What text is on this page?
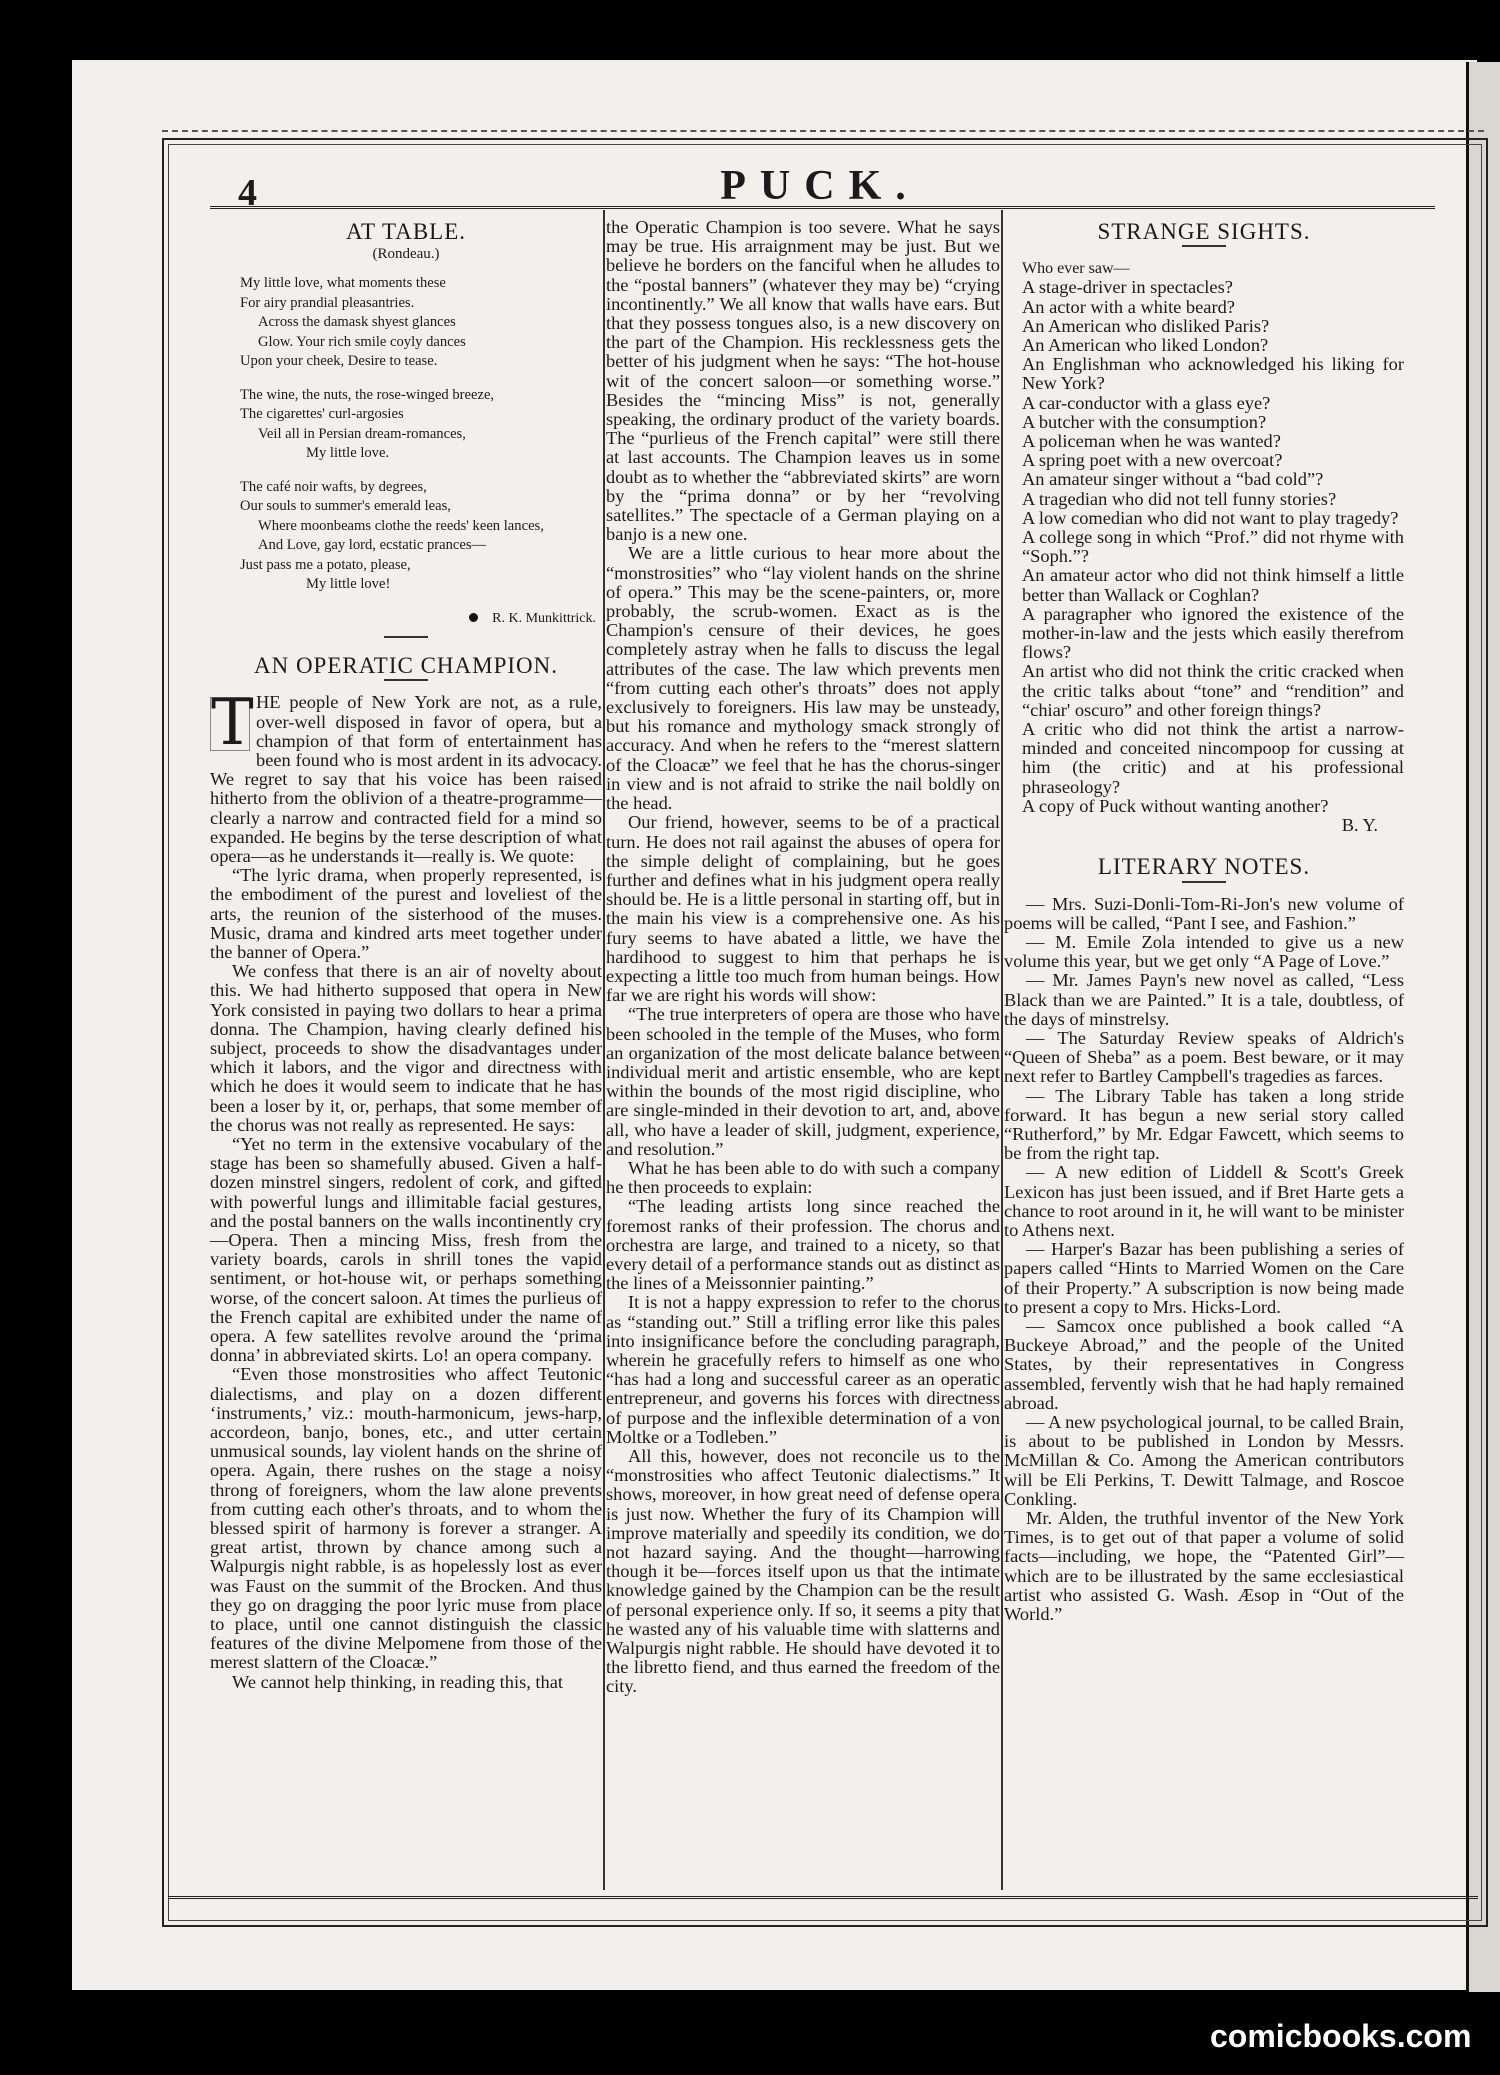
4	PUCK.
AT TABLE.
(Rondeau.)
My little love, what moments these
For airy prandial pleasantries.
Across the damask shyest glances
Glow. Your rich smile coyly dances
Upon your cheek, Desire to tease.
The wine, the nuts, the rose-winged breeze,
The cigarettes' curl-argosies
Veil all in Persian dream-romances,
My little love.
The café noir wafts, by degrees,
Our souls to summer's emerald leas,
Where moonbeams clothe the reeds' keen lances,
And Love, gay lord, ecstatic prances—
Just pass me a potato, please,
My little love!
R. K. Munkittrick.
AN OPERATIC CHAMPION.
T HE people of New York are not, as a rule, over-well disposed in favor of opera, but a champion of that form of entertainment has been found who is most ardent in its advocacy. We regret to say that his voice has been raised hitherto from the oblivion of a theatre-programme—clearly a narrow and contracted field for a mind so expanded. He begins by the terse description of what opera—as he understands it—really is. We quote:

“The lyric drama, when properly represented, is the embodiment of the purest and loveliest of the arts, the reunion of the sisterhood of the muses. Music, drama and kindred arts meet together under the banner of Opera.”

We confess that there is an air of novelty about this. We had hitherto supposed that opera in New York consisted in paying two dollars to hear a prima donna. The Champion, having clearly defined his subject, proceeds to show the disadvantages under which it labors, and the vigor and directness with which he does it would seem to indicate that he has been a loser by it, or, perhaps, that some member of the chorus was not really as represented. He says:

“Yet no term in the extensive vocabulary of the stage has been so shamefully abused. Given a half-dozen minstrel singers, redolent of cork, and gifted with powerful lungs and illimitable facial gestures, and the postal banners on the walls incontinently cry—Opera. Then a mincing Miss, fresh from the variety boards, carols in shrill tones the vapid sentiment, or hot-house wit, or perhaps something worse, of the concert saloon. At times the purlieus of the French capital are exhibited under the name of opera. A few satellites revolve around the ‘prima donna’ in abbreviated skirts. Lo! an opera company.

“Even those monstrosities who affect Teutonic dialectisms, and play on a dozen different ‘instruments,’ viz.: mouth-harmonicum, jews-harp, accordeon, banjo, bones, etc., and utter certain unmusical sounds, lay violent hands on the shrine of opera. Again, there rushes on the stage a noisy throng of foreigners, whom the law alone prevents from cutting each other's throats, and to whom the blessed spirit of harmony is forever a stranger. A great artist, thrown by chance among such a Walpurgis night rabble, is as hopelessly lost as ever was Faust on the summit of the Brocken. And thus they go on dragging the poor lyric muse from place to place, until one cannot distinguish the classic features of the divine Melpomene from those of the merest slattern of the Cloacæ.”

We cannot help thinking, in reading this, that

the Operatic Champion is too severe. What he says may be true. His arraignment may be just. But we believe he borders on the fanciful when he alludes to the “postal banners” (whatever they may be) “crying incontinently.” We all know that walls have ears. But that they possess tongues also, is a new discovery on the part of the Champion. His recklessness gets the better of his judgment when he says: “The hot-house wit of the concert saloon—or something worse.” Besides the “mincing Miss” is not, generally speaking, the ordinary product of the variety boards. The “purlieus of the French capital” were still there at last accounts. The Champion leaves us in some doubt as to whether the “abbreviated skirts” are worn by the “prima donna” or by her “revolving satellites.” The spectacle of a German playing on a banjo is a new one.

We are a little curious to hear more about the “monstrosities” who “lay violent hands on the shrine of opera.” This may be the scene-painters, or, more probably, the scrub-women. Exact as is the Champion's censure of their devices, he goes completely astray when he falls to discuss the legal attributes of the case. The law which prevents men “from cutting each other's throats” does not apply exclusively to foreigners. His law may be unsteady, but his romance and mythology smack strongly of accuracy. And when he refers to the “merest slattern of the Cloacæ” we feel that he has the chorus-singer in view and is not afraid to strike the nail boldly on the head.

Our friend, however, seems to be of a practical turn. He does not rail against the abuses of opera for the simple delight of complaining, but he goes further and defines what in his judgment opera really should be. He is a little personal in starting off, but in the main his view is a comprehensive one. As his fury seems to have abated a little, we have the hardihood to suggest to him that perhaps he is expecting a little too much from human beings. How far we are right his words will show:

“The true interpreters of opera are those who have been schooled in the temple of the Muses, who form an organization of the most delicate balance between individual merit and artistic ensemble, who are kept within the bounds of the most rigid discipline, who are single-minded in their devotion to art, and, above all, who have a leader of skill, judgment, experience, and resolution.”

What he has been able to do with such a company he then proceeds to explain:

“The leading artists long since reached the foremost ranks of their profession. The chorus and orchestra are large, and trained to a nicety, so that every detail of a performance stands out as distinct as the lines of a Meissonnier painting.”

It is not a happy expression to refer to the chorus as “standing out.” Still a trifling error like this pales into insignificance before the concluding paragraph, wherein he gracefully refers to himself as one who “has had a long and successful career as an operatic entrepreneur, and governs his forces with directness of purpose and the inflexible determination of a von Moltke or a Todleben.”

All this, however, does not reconcile us to the “monstrosities who affect Teutonic dialectisms.” It shows, moreover, in how great need of defense opera is just now. Whether the fury of its Champion will improve materially and speedily its condition, we do not hazard saying. And the thought—harrowing though it be—forces itself upon us that the intimate knowledge gained by the Champion can be the result of personal experience only. If so, it seems a pity that he wasted any of his valuable time with slatterns and Walpurgis night rabble. He should have devoted it to the libretto fiend, and thus earned the freedom of the city.

STRANGE SIGHTS.
Who ever saw—
A stage-driver in spectacles?
An actor with a white beard?
An American who disliked Paris?
An American who liked London?
An Englishman who acknowledged his liking for New York?
A car-conductor with a glass eye?
A butcher with the consumption?
A policeman when he was wanted?
A spring poet with a new overcoat?
An amateur singer without a “bad cold”?
A tragedian who did not tell funny stories?
A low comedian who did not want to play tragedy?
A college song in which “Prof.” did not rhyme with “Soph.”?
An amateur actor who did not think himself a little better than Wallack or Coghlan?
A paragrapher who ignored the existence of the mother-in-law and the jests which easily therefrom flows?
An artist who did not think the critic cracked when the critic talks about “tone” and “rendition” and “chiar' oscuro” and other foreign things?
A critic who did not think the artist a narrow-minded and conceited nincompoop for cussing at him (the critic) and at his professional phraseology?
A copy of Puck without wanting another?
B. Y.
LITERARY NOTES.

— Mrs. Suzi-Donli-Tom-Ri-Jon's new volume of poems will be called, “Pant I see, and Fashion.”

— M. Emile Zola intended to give us a new volume this year, but we get only “A Page of Love.”

— Mr. James Payn's new novel as called, “Less Black than we are Painted.” It is a tale, doubtless, of the days of minstrelsy.

— The Saturday Review speaks of Aldrich's “Queen of Sheba” as a poem. Best beware, or it may next refer to Bartley Campbell's tragedies as farces.

— The Library Table has taken a long stride forward. It has begun a new serial story called “Rutherford,” by Mr. Edgar Fawcett, which seems to be from the right tap.

— A new edition of Liddell & Scott's Greek Lexicon has just been issued, and if Bret Harte gets a chance to root around in it, he will want to be minister to Athens next.

— Harper's Bazar has been publishing a series of papers called “Hints to Married Women on the Care of their Property.” A subscription is now being made to present a copy to Mrs. Hicks-Lord.

— Samcox once published a book called “A Buckeye Abroad,” and the people of the United States, by their representatives in Congress assembled, fervently wish that he had haply remained abroad.

— A new psychological journal, to be called Brain, is about to be published in London by Messrs. McMillan & Co. Among the American contributors will be Eli Perkins, T. Dewitt Talmage, and Roscoe Conkling.

Mr. Alden, the truthful inventor of the New York Times, is to get out of that paper a volume of solid facts—including, we hope, the “Patented Girl”—which are to be illustrated by the same ecclesiastical artist who assisted G. Wash. Æsop in “Out of the World.”

comicbooks.com
